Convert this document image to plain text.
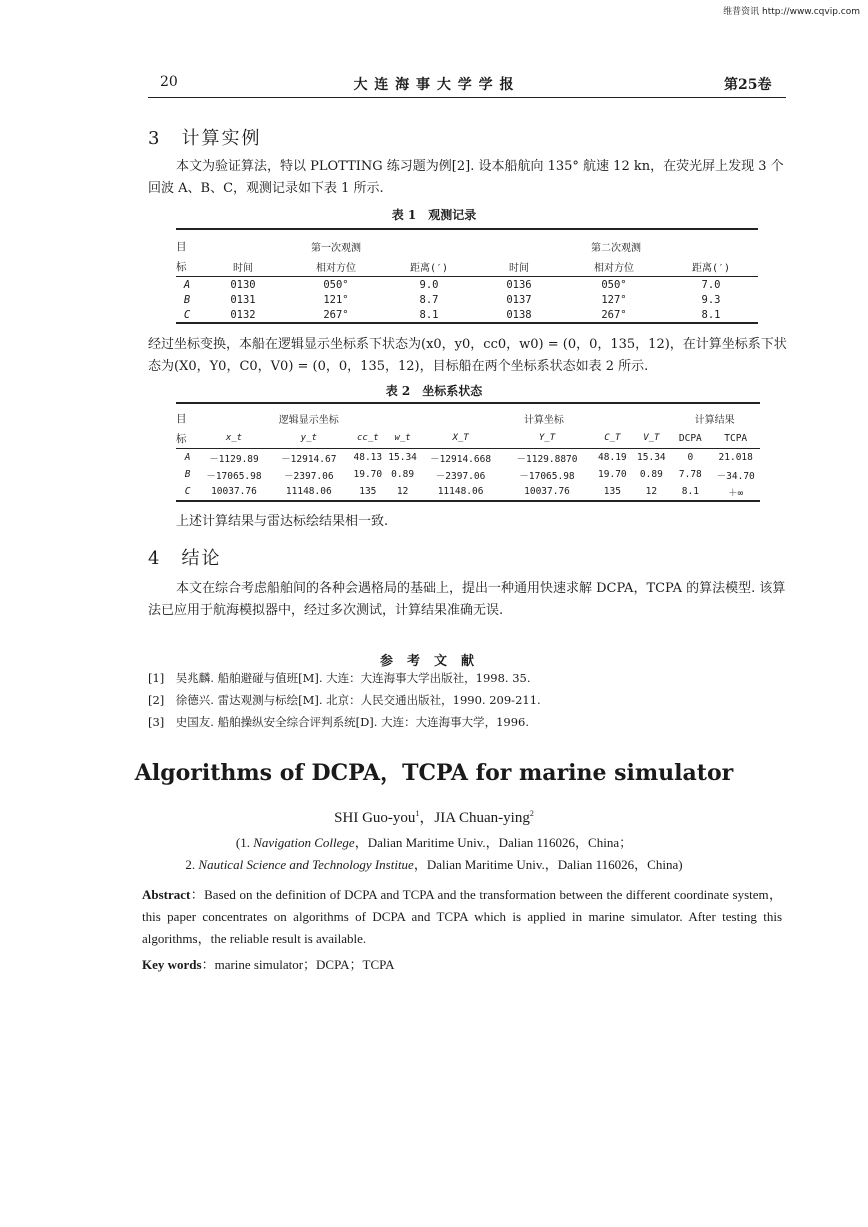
维普资讯 http://www.cqvip.com
20	大 连 海 事 大 学 学 报	第25卷
3　计算实例
本文为验证算法，特以 PLOTTING 练习题为例[2]. 设本船航向 135° 航速 12 kn，在荧光屏上发现 3 个回波 A、B、C，观测记录如下表 1 所示.
表 1　观测记录
目	第一次观测			第二次观测		
标	时间	相对方位	距离(′)	时间	相对方位	距离(′)
A	0130	050°	9.0	0136	050°	7.0
B	0131	121°	8.7	0137	127°	9.3
C	0132	267°	8.1	0138	267°	8.1
经过坐标变换，本船在逻辑显示坐标系下状态为(x0，y0，cc0，w0) = (0，0，135，12)，在计算坐标系下状态为(X0，Y0，C0，V0) = (0，0，135，12)，目标船在两个坐标系状态如表 2 所示.
表 2　坐标系状态
目	逻辑显示坐标				计算坐标				计算结果	
标	x_t	y_t	cc_t	w_t	X_T	Y_T	C_T	V_T	DCPA	TCPA
A	－1129.89	－12914.67	48.13	15.34	－12914.668	－1129.8870	48.19	15.34	0	21.018
B	－17065.98	－2397.06	19.70	0.89	－2397.06	－17065.98	19.70	0.89	7.78	－34.70
C	10037.76	11148.06	135	12	11148.06	10037.76	135	12	8.1	＋∞
上述计算结果与雷达标绘结果相一致.
4　结论
本文在综合考虑船舶间的各种会遇格局的基础上，提出一种通用快速求解 DCPA，TCPA 的算法模型. 该算法已应用于航海模拟器中，经过多次测试，计算结果准确无误.
参考文献
[1]　吴兆麟. 船舶避碰与值班[M]. 大连：大连海事大学出版社，1998. 35.
[2]　徐德兴. 雷达观测与标绘[M]. 北京：人民交通出版社，1990. 209-211.
[3]　史国友. 船舶操纵安全综合评判系统[D]. 大连：大连海事大学，1996.
Algorithms of DCPA，TCPA for marine simulator
SHI Guo-you$^1$，JIA Chuan-ying$^2$
(1. Navigation College，Dalian Maritime Univ.，Dalian 116026，China；
2. Nautical Science and Technology Institue，Dalian Maritime Univ.，Dalian 116026，China)
Abstract：Based on the definition of DCPA and TCPA and the transformation between the different coordinate system，this paper concentrates on algorithms of DCPA and TCPA which is applied in marine simulator. After testing this algorithms，the reliable result is available.
Key words：marine simulator；DCPA；TCPA
